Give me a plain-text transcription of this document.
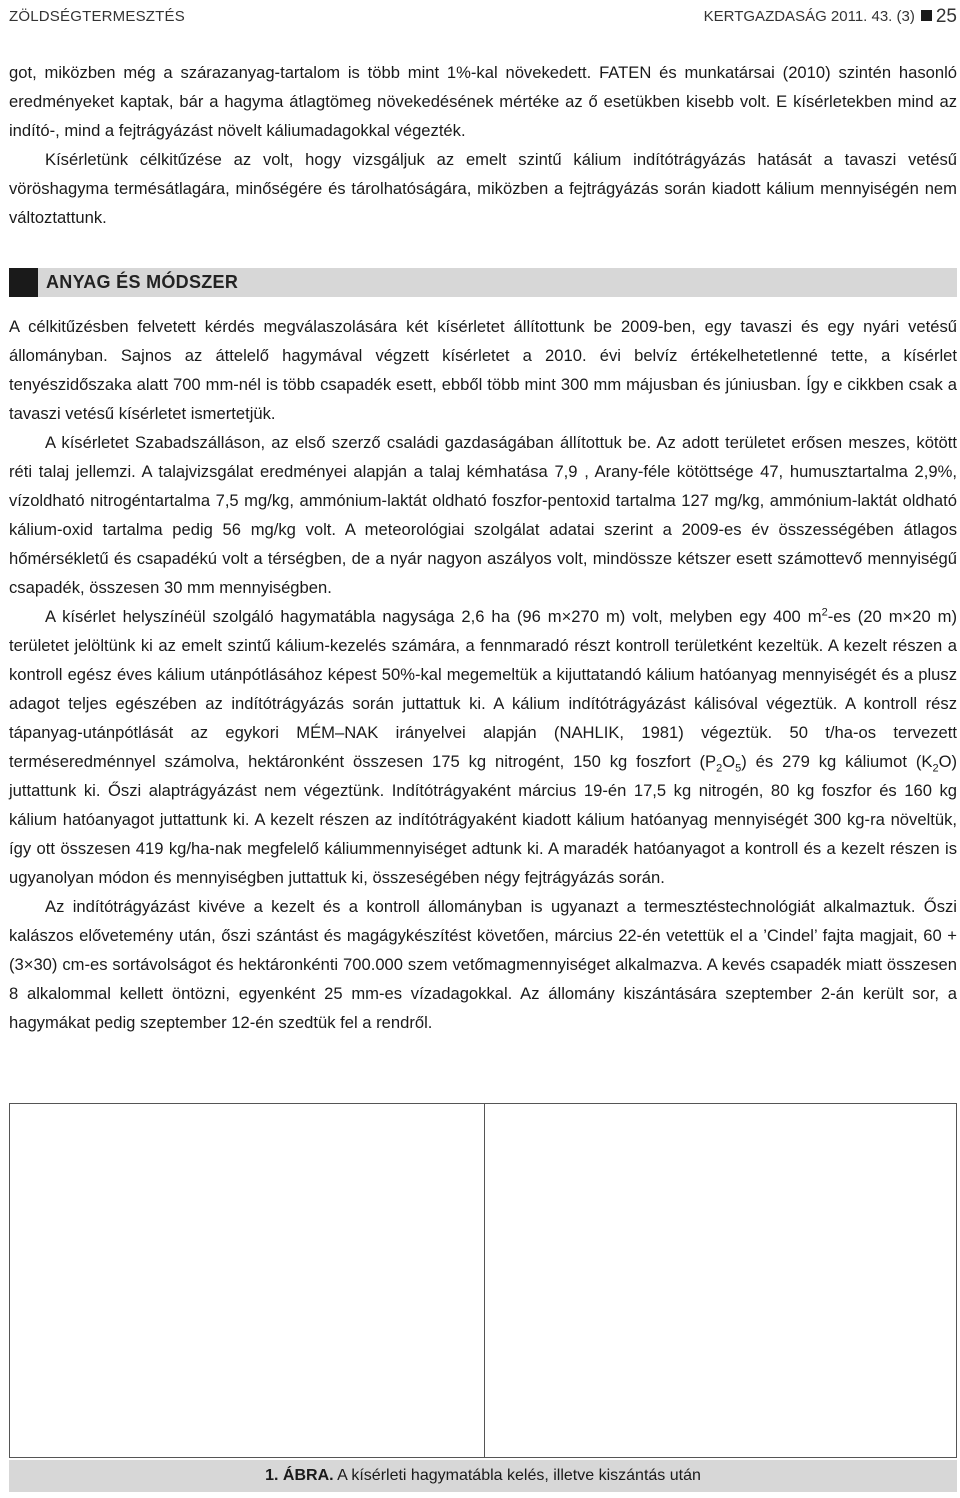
ZÖLDSÉGTERMESZTÉS	KERTGAZDASÁG 2011. 43. (3) 25

got, miközben még a szárazanyag-tartalom is több mint 1%-kal növekedett. FATEN és munkatársai (2010) szintén hasonló eredményeket kaptak, bár a hagyma átlagtömeg növekedésének mértéke az ő esetükben kisebb volt. E kísérletekben mind az indító-, mind a fejtrágyázást növelt káliumadagokkal végezték.

Kísérletünk célkitűzése az volt, hogy vizsgáljuk az emelt szintű kálium indítótrágyázás hatását a tavaszi vetésű vöröshagyma termésátlagára, minőségére és tárolhatóságára, miközben a fejtrágyázás során kiadott kálium mennyiségén nem változtattunk.

ANYAG ÉS MÓDSZER

A célkitűzésben felvetett kérdés megválaszolására két kísérletet állítottunk be 2009-ben, egy tavaszi és egy nyári vetésű állományban. Sajnos az áttelelő hagymával végzett kísérletet a 2010. évi belvíz értékelhetetlenné tette, a kísérlet tenyészidőszaka alatt 700 mm-nél is több csapadék esett, ebből több mint 300 mm májusban és júniusban. Így e cikkben csak a tavaszi vetésű kísérletet ismertetjük.

A kísérletet Szabadszálláson, az első szerző családi gazdaságában állítottuk be. Az adott területet erősen meszes, kötött réti talaj jellemzi. A talajvizsgálat eredményei alapján a talaj kémhatása 7,9 , Arany-féle kötöttsége 47, humusztartalma 2,9%, vízoldható nitrogéntartalma 7,5 mg/kg, ammónium-laktát oldható foszfor-pentoxid tartalma 127 mg/kg, ammónium-laktát oldható kálium-oxid tartalma pedig 56 mg/kg volt. A meteorológiai szolgálat adatai szerint a 2009-es év összességében átlagos hőmérsékletű és csapadékú volt a térségben, de a nyár nagyon aszályos volt, mindössze kétszer esett számottevő mennyiségű csapadék, összesen 30 mm mennyiségben.

A kísérlet helyszínéül szolgáló hagymatábla nagysága 2,6 ha (96 m×270 m) volt, melyben egy 400 $m^2-es$ (20 m×20 m) területet jelöltünk ki az emelt szintű kálium-kezelés számára, a fennmaradó részt kontroll területként kezeltük. A kezelt részen a kontroll egész éves kálium utánpótlásához képest 50%-kal megemeltük a kijuttatandó kálium hatóanyag mennyiségét és a plusz adagot teljes egészében az indítótrágyázás során juttattuk ki. A kálium indítótrágyázást kálisóval végeztük. A kontroll rész tápanyag-utánpótlását az egykori MÉM–NAK irányelvei alapján (NAHLIK, 1981) végeztük. 50 t/ha-os tervezett terméseredménnyel számolva, hektáronként összesen 175 kg nitrogént, 150 kg foszfort $(P_2O_5)$ és 279 kg káliumot $(K_2O)$ juttattunk ki. Őszi alaptrágyázást nem végeztünk. Indítótrágyaként március 19-én 17,5 kg nitrogén, 80 kg foszfor és 160 kg kálium hatóanyagot juttattunk ki. A kezelt részen az indítótrágyaként kiadott kálium hatóanyag mennyiségét 300 kg-ra növeltük, így ott összesen 419 kg/ha-nak megfelelő káliummennyiséget adtunk ki. A maradék hatóanyagot a kontroll és a kezelt részen is ugyanolyan módon és mennyiségben juttattuk ki, összeségében négy fejtrágyázás során.

Az indítótrágyázást kivéve a kezelt és a kontroll állományban is ugyanazt a termesztéstechnológiát alkalmaztuk. Őszi kalászos elővetemény után, őszi szántást és magágykészítést követően, március 22-én vetettük el a ’Cindel’ fajta magjait, 60 + (3×30) cm-es sortávolságot és hektáronkénti 700.000 szem vetőmagmennyiséget alkalmazva. A kevés csapadék miatt összesen 8 alkalommal kellett öntözni, egyenként 25 mm-es vízadagokkal. Az állomány kiszántására szeptember 2-án került sor, a hagymákat pedig szeptember 12-én szedtük fel a rendről.

1. ÁBRA. A kísérleti hagymatábla kelés, illetve kiszántás után
